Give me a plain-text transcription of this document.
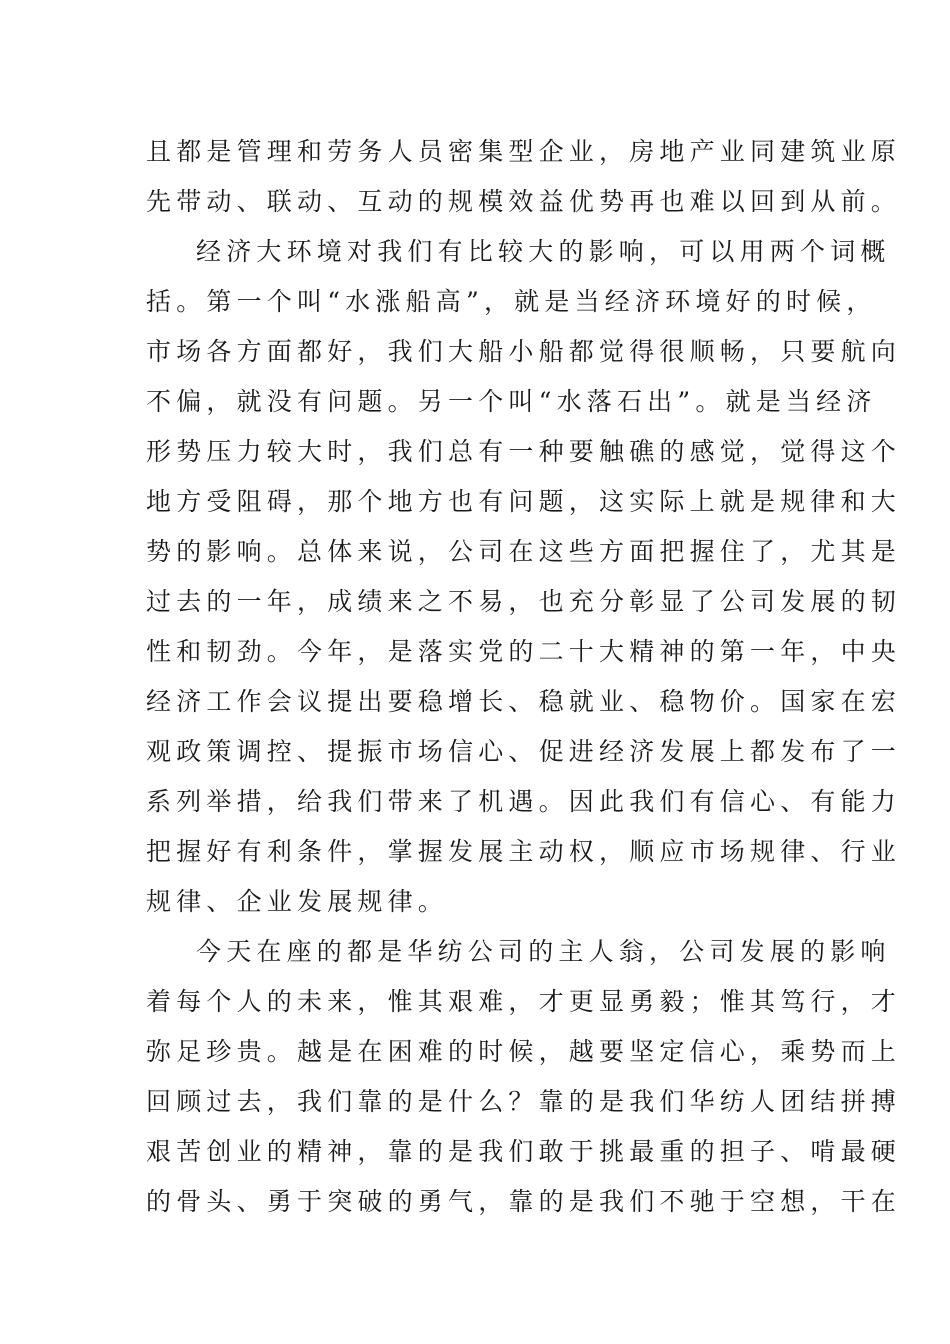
且都是管理和劳务人员密集型企业，房地产业同建筑业原
先带动、联动、互动的规模效益优势再也难以回到从前。
经济大环境对我们有比较大的影响，可以用两个词概
括。第一个叫“水涨船高”，就是当经济环境好的时候，
市场各方面都好，我们大船小船都觉得很顺畅，只要航向
不偏，就没有问题。另一个叫“水落石出”。就是当经济
形势压力较大时，我们总有一种要触礁的感觉，觉得这个
地方受阻碍，那个地方也有问题，这实际上就是规律和大
势的影响。总体来说，公司在这些方面把握住了，尤其是
过去的一年，成绩来之不易，也充分彰显了公司发展的韧
性和韧劲。今年，是落实党的二十大精神的第一年，中央
经济工作会议提出要稳增长、稳就业、稳物价。国家在宏
观政策调控、提振市场信心、促进经济发展上都发布了一
系列举措，给我们带来了机遇。因此我们有信心、有能力
把握好有利条件，掌握发展主动权，顺应市场规律、行业
规律、企业发展规律。
今天在座的都是华纺公司的主人翁，公司发展的影响
着每个人的未来，惟其艰难，才更显勇毅；惟其笃行，才
弥足珍贵。越是在困难的时候，越要坚定信心，乘势而上
回顾过去，我们靠的是什么？靠的是我们华纺人团结拼搏
艰苦创业的精神，靠的是我们敢于挑最重的担子、啃最硬
的骨头、勇于突破的勇气，靠的是我们不驰于空想，干在
